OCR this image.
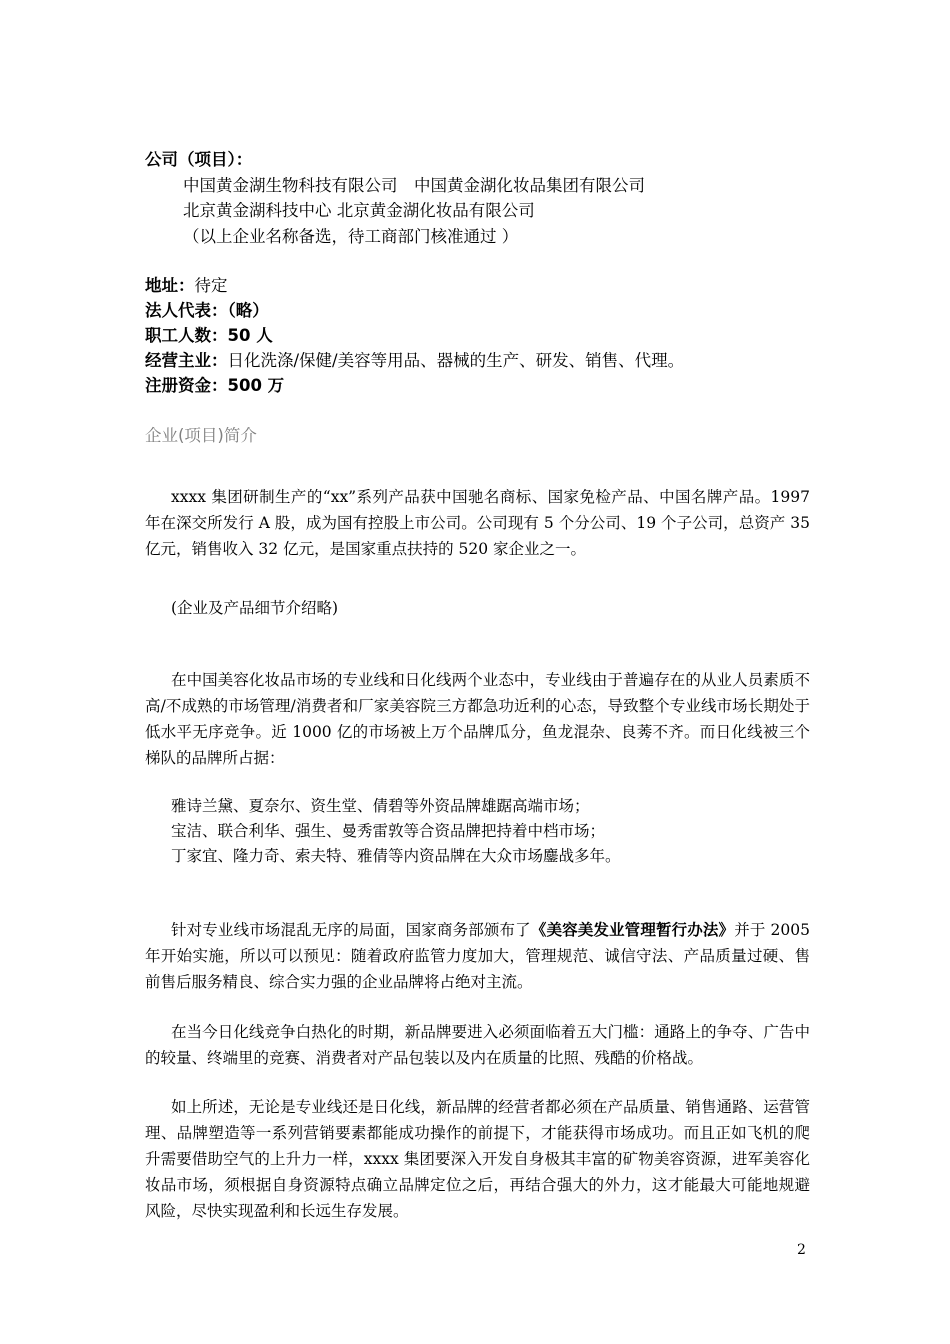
公司（项目）：
中国黄金湖生物科技有限公司　中国黄金湖化妆品集团有限公司
北京黄金湖科技中心 北京黄金湖化妆品有限公司
（以上企业名称备选，待工商部门核准通过 ）
地址：待定
法人代表：（略）
职工人数：50 人
经营主业：日化洗涤/保健/美容等用品、器械的生产、研发、销售、代理。
注册资金：500 万
企业(项目)简介

xxxx 集团研制生产的“xx”系列产品获中国驰名商标、国家免检产品、中国名牌产品。1997 年在深交所发行 A 股，成为国有控股上市公司。公司现有 5 个分公司、19 个子公司，总资产 35 亿元，销售收入 32 亿元，是国家重点扶持的 520 家企业之一。

(企业及产品细节介绍略)

在中国美容化妆品市场的专业线和日化线两个业态中，专业线由于普遍存在的从业人员素质不高/不成熟的市场管理/消费者和厂家美容院三方都急功近利的心态，导致整个专业线市场长期处于低水平无序竞争。近 1000 亿的市场被上万个品牌瓜分，鱼龙混杂、良莠不齐。而日化线被三个梯队的品牌所占据：

雅诗兰黛、夏奈尔、资生堂、倩碧等外资品牌雄踞高端市场；
宝洁、联合利华、强生、曼秀雷敦等合资品牌把持着中档市场；
丁家宜、隆力奇、索夫特、雅倩等内资品牌在大众市场鏖战多年。

针对专业线市场混乱无序的局面，国家商务部颁布了《美容美发业管理暂行办法》并于 2005 年开始实施，所以可以预见：随着政府监管力度加大，管理规范、诚信守法、产品质量过硬、售前售后服务精良、综合实力强的企业品牌将占绝对主流。

在当今日化线竞争白热化的时期，新品牌要进入必须面临着五大门槛：通路上的争夺、广告中的较量、终端里的竞赛、消费者对产品包装以及内在质量的比照、残酷的价格战。

如上所述，无论是专业线还是日化线，新品牌的经营者都必须在产品质量、销售通路、运营管理、品牌塑造等一系列营销要素都能成功操作的前提下，才能获得市场成功。而且正如飞机的爬升需要借助空气的上升力一样，xxxx 集团要深入开发自身极其丰富的矿物美容资源，进军美容化妆品市场，须根据自身资源特点确立品牌定位之后，再结合强大的外力，这才能最大可能地规避风险，尽快实现盈利和长远生存发展。

2
